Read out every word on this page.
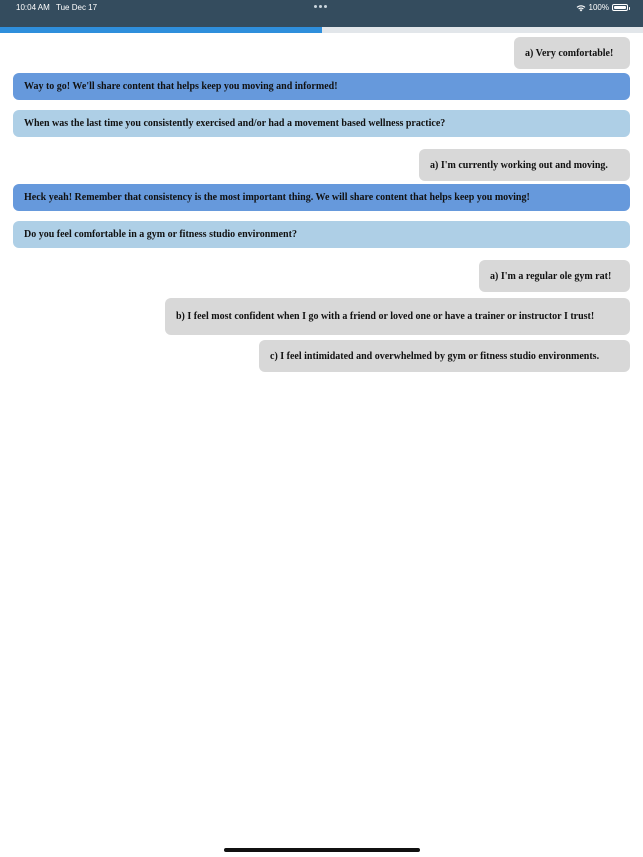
10:04 AM Tue Dec 17	100%
a) Very comfortable!
Way to go! We'll share content that helps keep you moving and informed!
When was the last time you consistently exercised and/or had a movement based wellness practice?
a) I'm currently working out and moving.
Heck yeah! Remember that consistency is the most important thing. We will share content that helps keep you moving!
Do you feel comfortable in a gym or fitness studio environment?
a) I'm a regular ole gym rat!
b) I feel most confident when I go with a friend or loved one or have a trainer or instructor I trust!
c) I feel intimidated and overwhelmed by gym or fitness studio environments.
